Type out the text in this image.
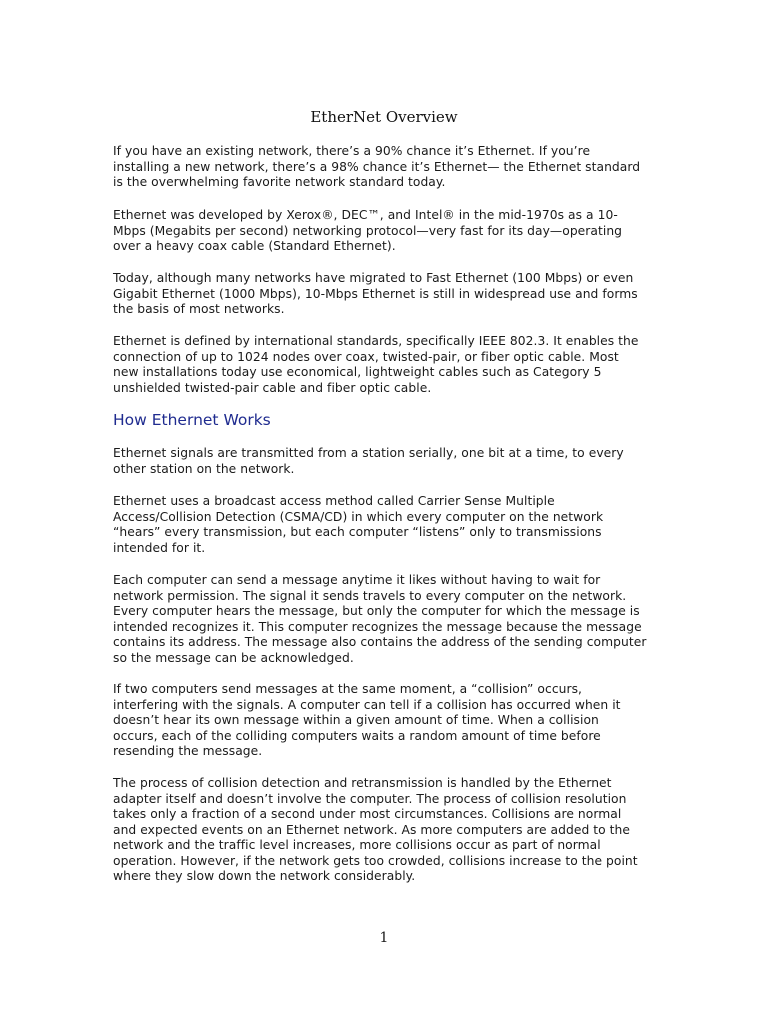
EtherNet Overview

If you have an existing network, there’s a 90% chance it’s Ethernet. If you’re
installing a new network, there’s a 98% chance it’s Ethernet— the Ethernet standard
is the overwhelming favorite network standard today.

Ethernet was developed by Xerox®, DEC™, and Intel® in the mid-1970s as a 10-
Mbps (Megabits per second) networking protocol—very fast for its day—operating
over a heavy coax cable (Standard Ethernet).

Today, although many networks have migrated to Fast Ethernet (100 Mbps) or even
Gigabit Ethernet (1000 Mbps), 10-Mbps Ethernet is still in widespread use and forms
the basis of most networks.

Ethernet is defined by international standards, specifically IEEE 802.3. It enables the
connection of up to 1024 nodes over coax, twisted-pair, or fiber optic cable. Most
new installations today use economical, lightweight cables such as Category 5
unshielded twisted-pair cable and fiber optic cable.

How Ethernet Works

Ethernet signals are transmitted from a station serially, one bit at a time, to every
other station on the network.

Ethernet uses a broadcast access method called Carrier Sense Multiple
Access/Collision Detection (CSMA/CD) in which every computer on the network
“hears” every transmission, but each computer “listens” only to transmissions
intended for it.

Each computer can send a message anytime it likes without having to wait for
network permission. The signal it sends travels to every computer on the network.
Every computer hears the message, but only the computer for which the message is
intended recognizes it. This computer recognizes the message because the message
contains its address. The message also contains the address of the sending computer
so the message can be acknowledged.

If two computers send messages at the same moment, a “collision” occurs,
interfering with the signals. A computer can tell if a collision has occurred when it
doesn’t hear its own message within a given amount of time. When a collision
occurs, each of the colliding computers waits a random amount of time before
resending the message.

The process of collision detection and retransmission is handled by the Ethernet
adapter itself and doesn’t involve the computer. The process of collision resolution
takes only a fraction of a second under most circumstances. Collisions are normal
and expected events on an Ethernet network. As more computers are added to the
network and the traffic level increases, more collisions occur as part of normal
operation. However, if the network gets too crowded, collisions increase to the point
where they slow down the network considerably.

1
